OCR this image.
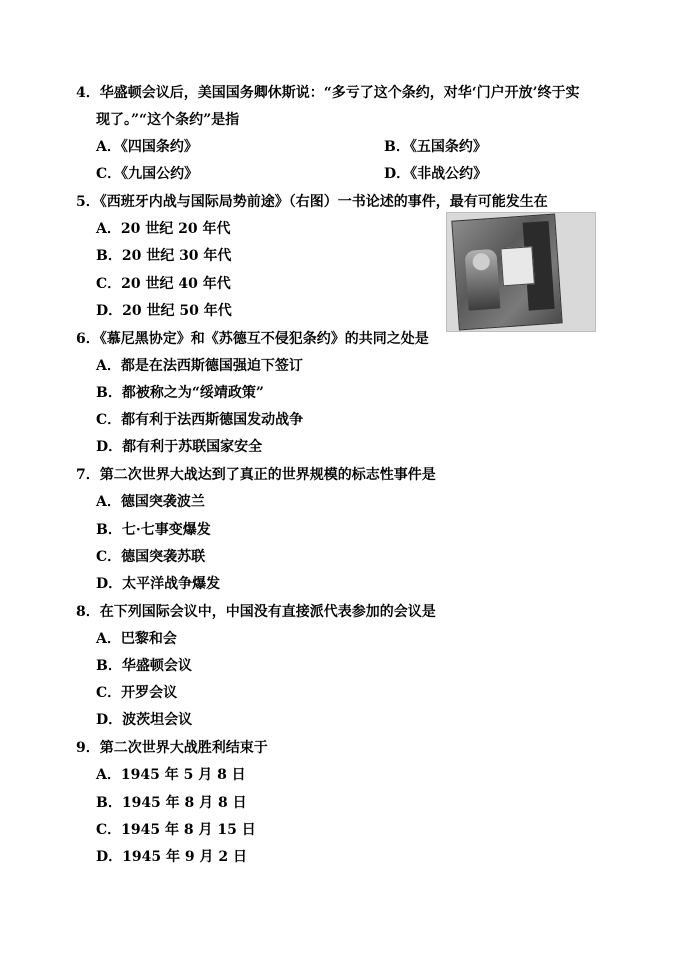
4．华盛顿会议后，美国国务卿休斯说：“多亏了这个条约，对华‘门户开放’终于实
现了。”“这个条约”是指
A．《四国条约》	B．《五国条约》
C．《九国公约》	D．《非战公约》
5．《西班牙内战与国际局势前途》（右图）一书论述的事件，最有可能发生在
A．20 世纪 20 年代
B．20 世纪 30 年代
C．20 世纪 40 年代
D．20 世纪 50 年代
6．《慕尼黑协定》和《苏德互不侵犯条约》的共同之处是
A．都是在法西斯德国强迫下签订
B．都被称之为“绥靖政策”
C．都有利于法西斯德国发动战争
D．都有利于苏联国家安全
7．第二次世界大战达到了真正的世界规模的标志性事件是
A．德国突袭波兰
B．七·七事变爆发
C．德国突袭苏联
D．太平洋战争爆发
8．在下列国际会议中，中国没有直接派代表参加的会议是
A．巴黎和会
B．华盛顿会议
C．开罗会议
D．波茨坦会议
9．第二次世界大战胜利结束于
A．1945 年 5 月 8 日
B．1945 年 8 月 8 日
C．1945 年 8 月 15 日
D．1945 年 9 月 2 日
